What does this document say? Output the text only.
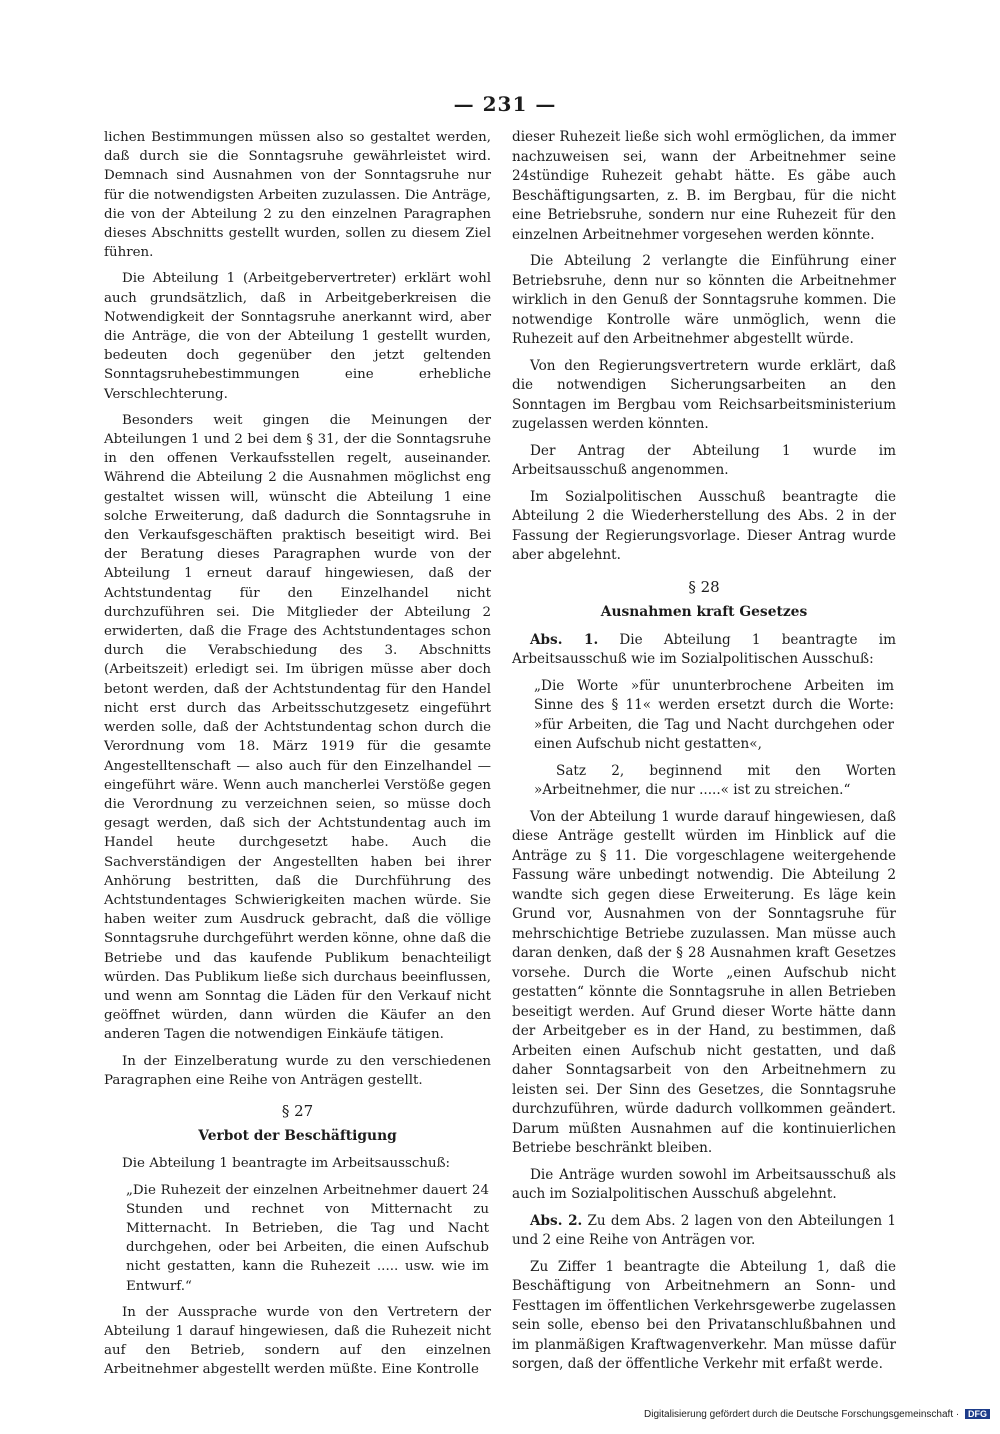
— 231 —

lichen Bestimmungen müssen also so gestaltet werden, daß durch sie die Sonntagsruhe gewährleistet wird. Demnach sind Ausnahmen von der Sonntagsruhe nur für die notwendigsten Arbeiten zuzulassen. Die Anträge, die von der Abteilung 2 zu den einzelnen Paragraphen dieses Abschnitts gestellt wurden, sollen zu diesem Ziel führen.

Die Abteilung 1 (Arbeitgebervertreter) erklärt wohl auch grundsätzlich, daß in Arbeitgeberkreisen die Notwendigkeit der Sonntagsruhe anerkannt wird, aber die Anträge, die von der Abteilung 1 gestellt wurden, bedeuten doch gegenüber den jetzt geltenden Sonntagsruhebestimmungen eine erhebliche Verschlechterung.

Besonders weit gingen die Meinungen der Abteilungen 1 und 2 bei dem § 31, der die Sonntagsruhe in den offenen Verkaufsstellen regelt, auseinander. Während die Abteilung 2 die Ausnahmen möglichst eng gestaltet wissen will, wünscht die Abteilung 1 eine solche Erweiterung, daß dadurch die Sonntagsruhe in den Verkaufsgeschäften praktisch beseitigt wird. Bei der Beratung dieses Paragraphen wurde von der Abteilung 1 erneut darauf hingewiesen, daß der Achtstundentag für den Einzelhandel nicht durchzuführen sei. Die Mitglieder der Abteilung 2 erwiderten, daß die Frage des Achtstundentages schon durch die Verabschiedung des 3. Abschnitts (Arbeitszeit) erledigt sei. Im übrigen müsse aber doch betont werden, daß der Achtstundentag für den Handel nicht erst durch das Arbeitsschutzgesetz eingeführt werden solle, daß der Achtstundentag schon durch die Verordnung vom 18. März 1919 für die gesamte Angestelltenschaft — also auch für den Einzelhandel — eingeführt wäre. Wenn auch mancherlei Verstöße gegen die Verordnung zu verzeichnen seien, so müsse doch gesagt werden, daß sich der Achtstundentag auch im Handel heute durchgesetzt habe. Auch die Sachverständigen der Angestellten haben bei ihrer Anhörung bestritten, daß die Durchführung des Achtstundentages Schwierigkeiten machen würde. Sie haben weiter zum Ausdruck gebracht, daß die völlige Sonntagsruhe durchgeführt werden könne, ohne daß die Betriebe und das kaufende Publikum benachteiligt würden. Das Publikum ließe sich durchaus beeinflussen, und wenn am Sonntag die Läden für den Verkauf nicht geöffnet würden, dann würden die Käufer an den anderen Tagen die notwendigen Einkäufe tätigen.

In der Einzelberatung wurde zu den verschiedenen Paragraphen eine Reihe von Anträgen gestellt.

§ 27
Verbot der Beschäftigung

Die Abteilung 1 beantragte im Arbeitsausschuß:

„Die Ruhezeit der einzelnen Arbeitnehmer dauert 24 Stunden und rechnet von Mitternacht zu Mitternacht. In Betrieben, die Tag und Nacht durchgehen, oder bei Arbeiten, die einen Aufschub nicht gestatten, kann die Ruhezeit ..... usw. wie im Entwurf.“

In der Aussprache wurde von den Vertretern der Abteilung 1 darauf hingewiesen, daß die Ruhezeit nicht auf den Betrieb, sondern auf den einzelnen Arbeitnehmer abgestellt werden müßte. Eine Kontrolle

dieser Ruhezeit ließe sich wohl ermöglichen, da immer nachzuweisen sei, wann der Arbeitnehmer seine 24stündige Ruhezeit gehabt hätte. Es gäbe auch Beschäftigungsarten, z. B. im Bergbau, für die nicht eine Betriebsruhe, sondern nur eine Ruhezeit für den einzelnen Arbeitnehmer vorgesehen werden könnte.

Die Abteilung 2 verlangte die Einführung einer Betriebsruhe, denn nur so könnten die Arbeitnehmer wirklich in den Genuß der Sonntagsruhe kommen. Die notwendige Kontrolle wäre unmöglich, wenn die Ruhezeit auf den Arbeitnehmer abgestellt würde.

Von den Regierungsvertretern wurde erklärt, daß die notwendigen Sicherungsarbeiten an den Sonntagen im Bergbau vom Reichsarbeitsministerium zugelassen werden könnten.

Der Antrag der Abteilung 1 wurde im Arbeitsausschuß angenommen.

Im Sozialpolitischen Ausschuß beantragte die Abteilung 2 die Wiederherstellung des Abs. 2 in der Fassung der Regierungsvorlage. Dieser Antrag wurde aber abgelehnt.

§ 28
Ausnahmen kraft Gesetzes

Abs. 1. Die Abteilung 1 beantragte im Arbeitsausschuß wie im Sozialpolitischen Ausschuß:

„Die Worte »für ununterbrochene Arbeiten im Sinne des § 11« werden ersetzt durch die Worte: »für Arbeiten, die Tag und Nacht durchgehen oder einen Aufschub nicht gestatten«,

Satz 2, beginnend mit den Worten »Arbeitnehmer, die nur .....« ist zu streichen.“

Von der Abteilung 1 wurde darauf hingewiesen, daß diese Anträge gestellt würden im Hinblick auf die Anträge zu § 11. Die vorgeschlagene weitergehende Fassung wäre unbedingt notwendig. Die Abteilung 2 wandte sich gegen diese Erweiterung. Es läge kein Grund vor, Ausnahmen von der Sonntagsruhe für mehrschichtige Betriebe zuzulassen. Man müsse auch daran denken, daß der § 28 Ausnahmen kraft Gesetzes vorsehe. Durch die Worte „einen Aufschub nicht gestatten“ könnte die Sonntagsruhe in allen Betrieben beseitigt werden. Auf Grund dieser Worte hätte dann der Arbeitgeber es in der Hand, zu bestimmen, daß Arbeiten einen Aufschub nicht gestatten, und daß daher Sonntagsarbeit von den Arbeitnehmern zu leisten sei. Der Sinn des Gesetzes, die Sonntagsruhe durchzuführen, würde dadurch vollkommen geändert. Darum müßten Ausnahmen auf die kontinuierlichen Betriebe beschränkt bleiben.

Die Anträge wurden sowohl im Arbeitsausschuß als auch im Sozialpolitischen Ausschuß abgelehnt.

Abs. 2. Zu dem Abs. 2 lagen von den Abteilungen 1 und 2 eine Reihe von Anträgen vor.

Zu Ziffer 1 beantragte die Abteilung 1, daß die Beschäftigung von Arbeitnehmern an Sonn- und Festtagen im öffentlichen Verkehrsgewerbe zugelassen sein solle, ebenso bei den Privatanschlußbahnen und im planmäßigen Kraftwagenverkehr. Man müsse dafür sorgen, daß der öffentliche Verkehr mit erfaßt werde.

Digitalisierung gefördert durch die Deutsche Forschungsgemeinschaft · DFG
